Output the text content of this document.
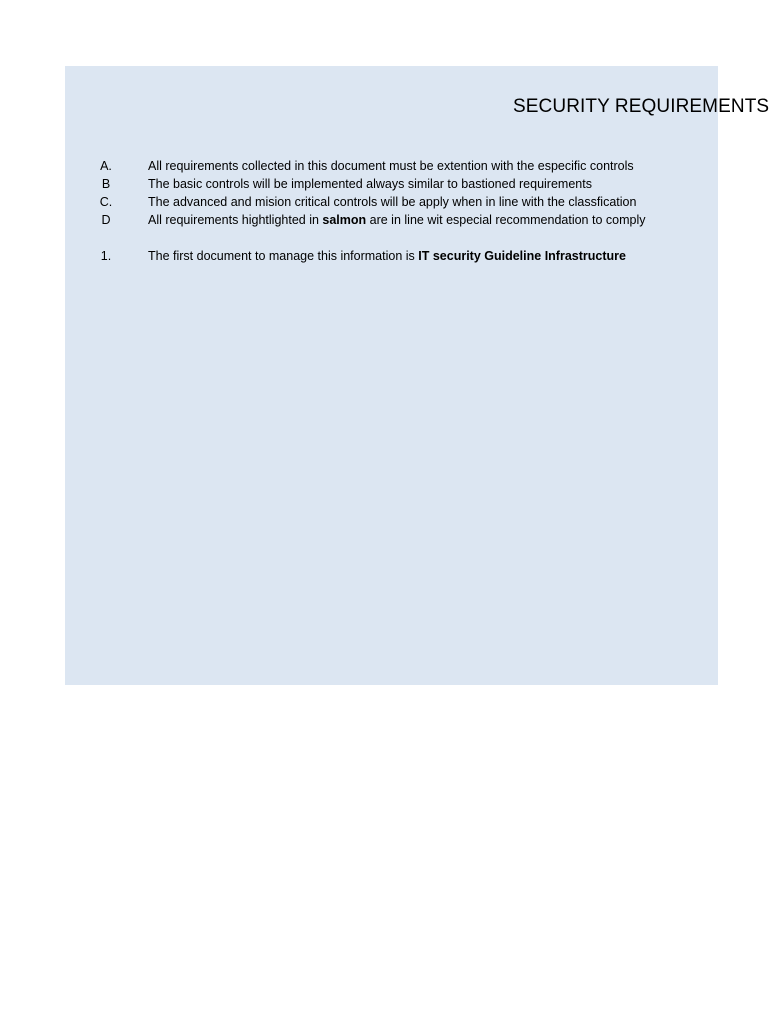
SECURITY REQUIREMENTS
A.	All requirements collected in this document must be extention with the especific controls
B	The basic controls will be implemented always similar to bastioned requirements
C.	The advanced and mision critical controls will be apply when in line with the classfication
D	All requirements hightlighted in salmon are in line wit especial recommendation to comply
1.	The first document to manage this information is IT security Guideline Infrastructure
